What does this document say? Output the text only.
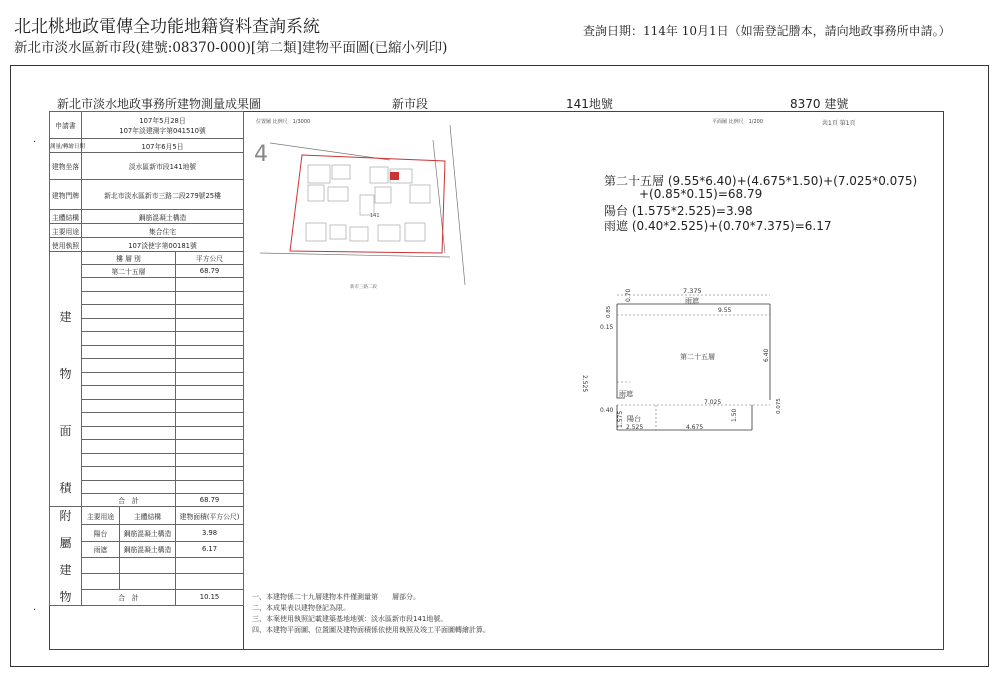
北北桃地政電傳全功能地籍資料查詢系統
新北市淡水區新市段(建號:08370-000)[第二類]建物平面圖(已縮小列印)
查詢日期：114年 10月1日（如需登記謄本，請向地政事務所申請。）
新北市淡水地政事務所建物測量成果圖	新市段	141地號	8370 建號
·
·
申請書	107年5月28日
107年淡建測字第041510號		

測量/轉繪日期	107年6月5日		
建物坐落	淡水區新市段141地號		
建物門牌	新北市淡水區新市三路二段279號25樓		
主體結構	鋼筋混凝土構造		
主要用途	集合住宅		
使用執照	107淡使字第00181號		

建
物
面
積	樓 層 別		平方公尺
	第二十五層		68.79

	合　計		68.79

附
屬
建
物	主要用途	主體結構	建物面積(平方公尺)
	陽台	鋼筋混凝土構造	3.98
	雨遮	鋼筋混凝土構造	6.17

	合　計		10.15
位置圖 比例尺　1/3000	平面圖 比例尺　1/200	共1頁 第1頁
4
141
新市三路二段
第二十五層 (9.55*6.40)+(4.675*1.50)+(7.025*0.075)
+(0.85*0.15)=68.79
陽台 (1.575*2.525)=3.98
雨遮 (0.40*2.525)+(0.70*7.375)=6.17
7.375
雨遮
9.55
0.70
0.85
0.15
第二十五層	6.40
2.525
雨遮
0.40
7.025	0.075
1.575 陽台
2.525	4.675
1.50
一、本建物係二十九層建物本件僅測量第　　層部分。
二、本成果表以建物登記為限。
三、本案使用執照記載建築基地地號：淡水區新市段141地號。
四、本建物平面圖、位置圖及建物面積係依使用執照及竣工平面圖轉繪計算。
